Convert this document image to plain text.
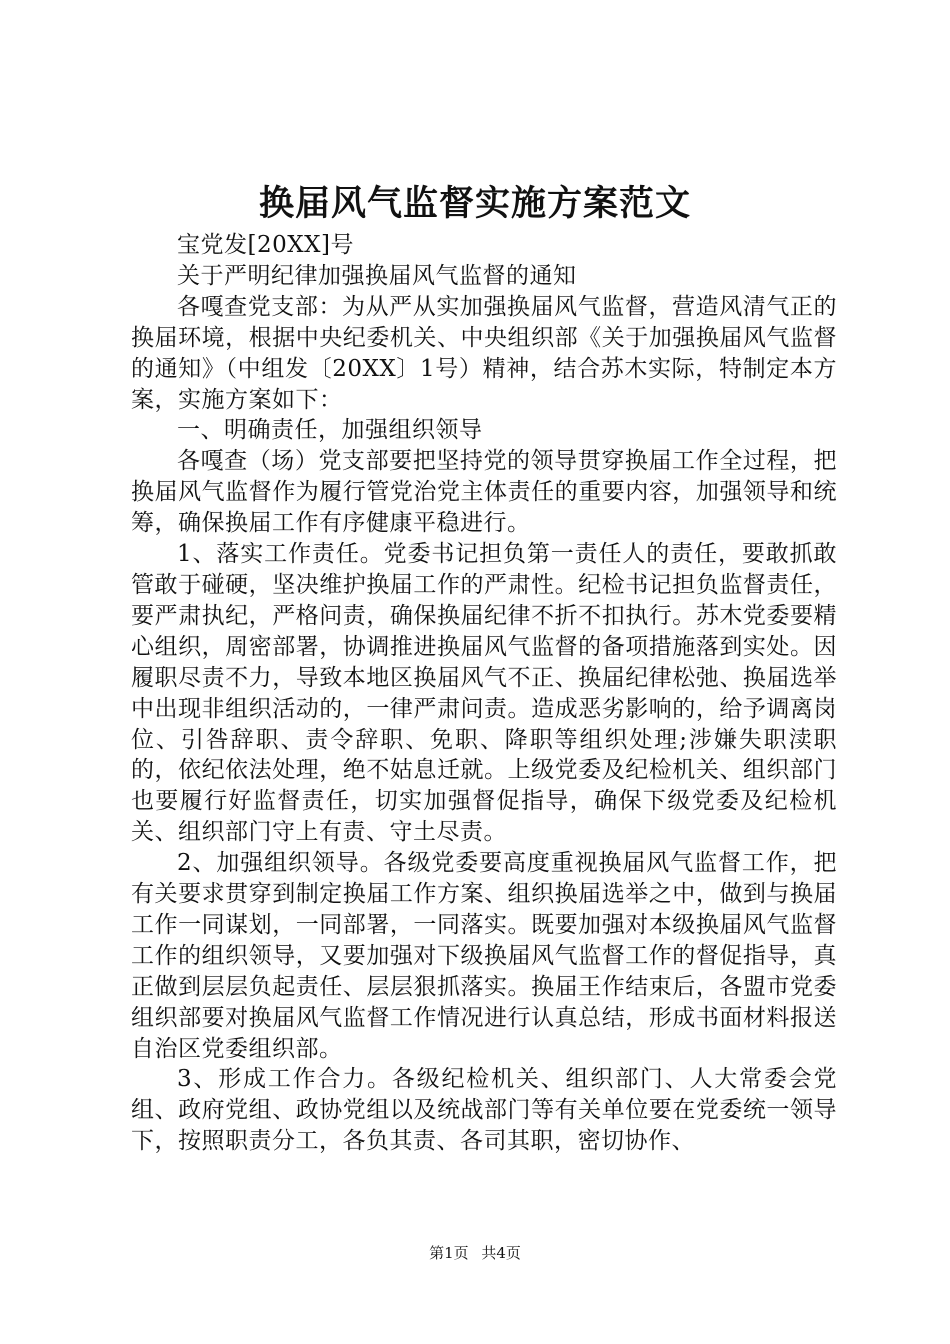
换届风气监督实施方案范文

宝党发[20XX]号

关于严明纪律加强换届风气监督的通知

各嘎查党支部：为从严从实加强换届风气监督，营造风清气正的换届环境，根据中央纪委机关、中央组织部《关于加强换届风气监督的通知》（中组发〔20XX〕1号）精神，结合苏木实际，特制定本方案，实施方案如下：

一、明确责任，加强组织领导

各嘎查（场）党支部要把坚持党的领导贯穿换届工作全过程，把换届风气监督作为履行管党治党主体责任的重要内容，加强领导和统筹，确保换届工作有序健康平稳进行。

1、落实工作责任。党委书记担负第一责任人的责任，要敢抓敢管敢于碰硬，坚决维护换届工作的严肃性。纪检书记担负监督责任，要严肃执纪，严格问责，确保换届纪律不折不扣执行。苏木党委要精心组织，周密部署，协调推进换届风气监督的备项措施落到实处。因履职尽责不力，导致本地区换届风气不正、换届纪律松弛、换届选举中出现非组织活动的，一律严肃问责。造成恶劣影响的，给予调离岗位、引咎辞职、责令辞职、免职、降职等组织处理;涉嫌失职渎职的，依纪依法处理，绝不姑息迁就。上级党委及纪检机关、组织部门也要履行好监督责任，切实加强督促指导，确保下级党委及纪检机关、组织部门守上有责、守土尽责。

2、加强组织领导。各级党委要高度重视换届风气监督工作，把有关要求贯穿到制定换届工作方案、组织换届选举之中，做到与换届工作一同谋划，一同部署，一同落实。既要加强对本级换届风气监督工作的组织领导，又要加强对下级换届风气监督工作的督促指导，真正做到层层负起责任、层层狠抓落实。换届王作结束后，各盟市党委组织部要对换届风气监督工作情况进行认真总结，形成书面材料报送自治区党委组织部。

3、形成工作合力。各级纪检机关、组织部门、人大常委会党组、政府党组、政协党组以及统战部门等有关单位要在党委统一领导下，按照职责分工，各负其责、各司其职，密切协作、

第1页 共4页
